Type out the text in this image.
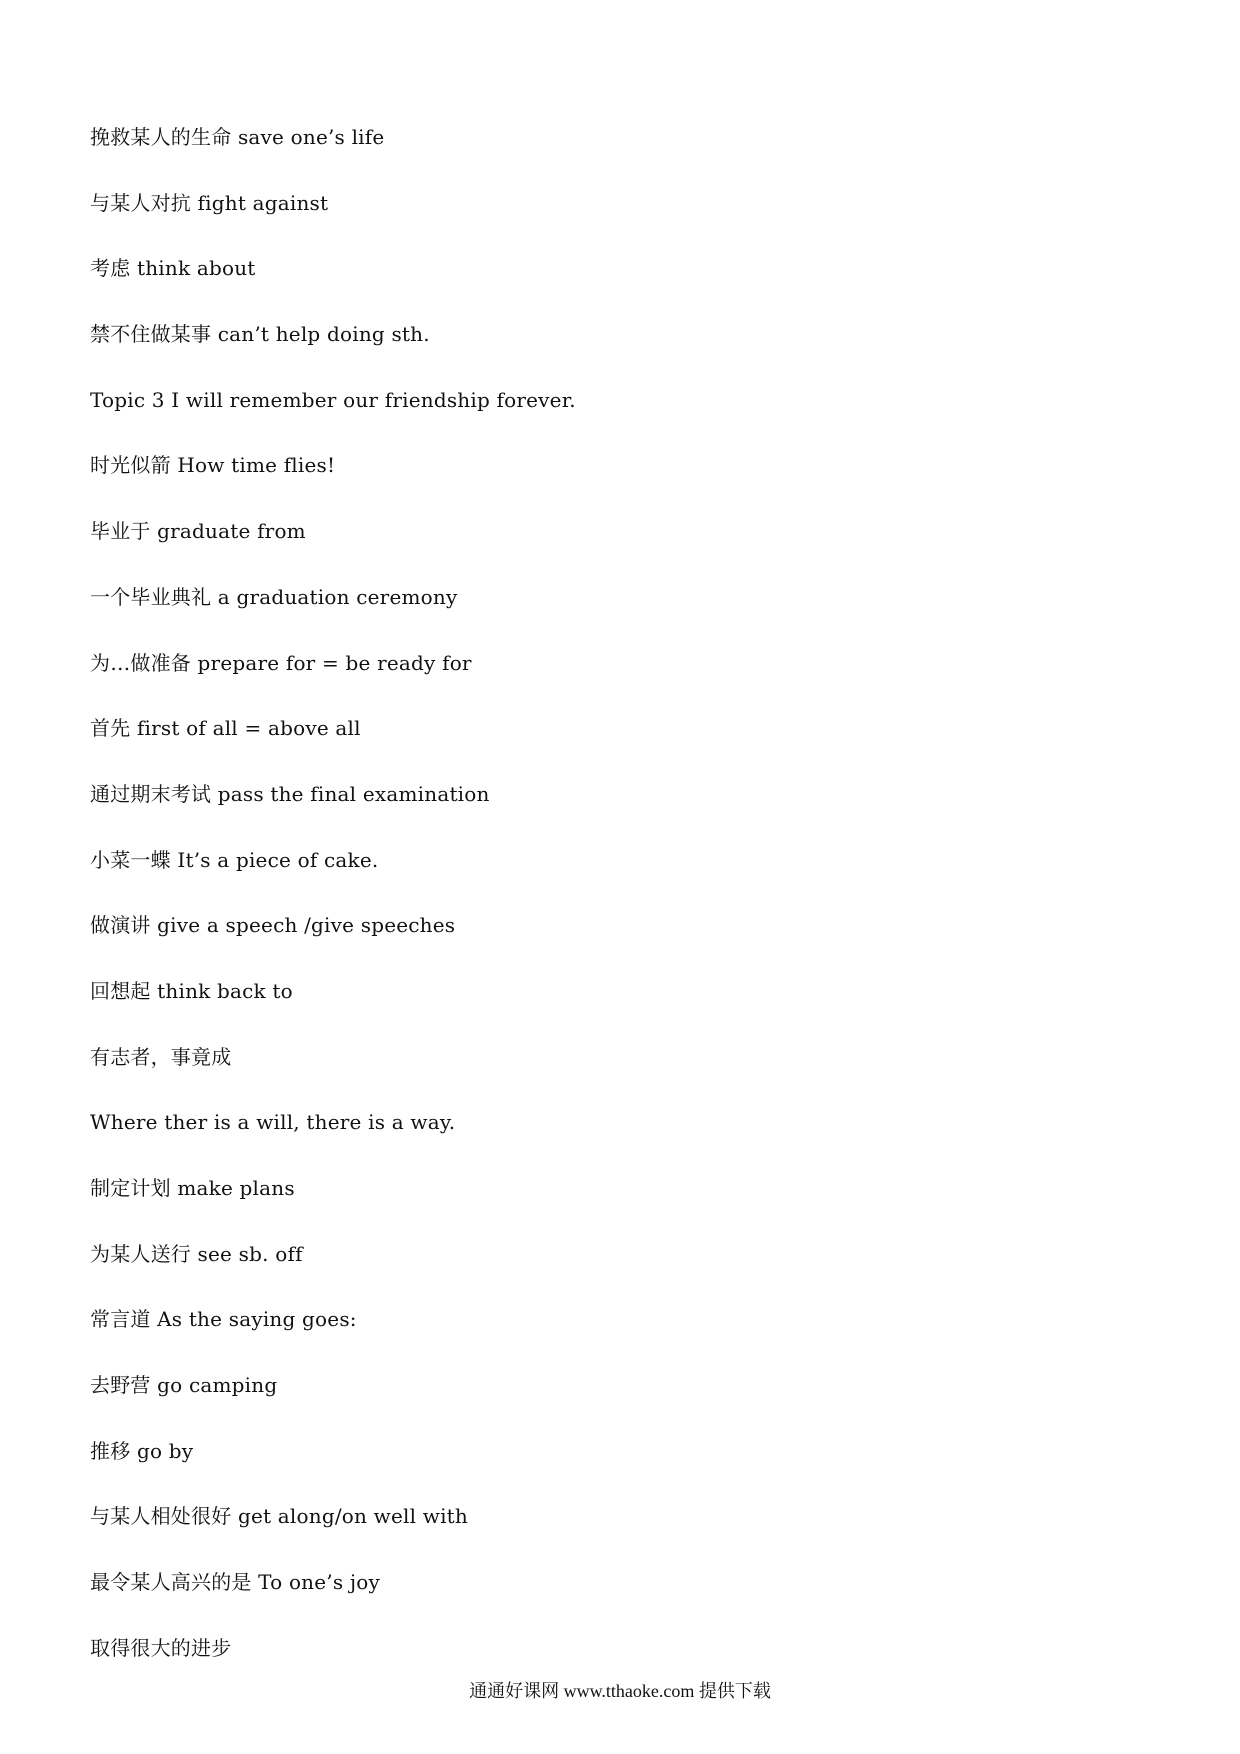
挽救某人的生命 save one’s life
与某人对抗 fight against
考虑 think about
禁不住做某事 can’t help doing sth.
Topic 3 I will remember our friendship forever.
时光似箭 How time flies!
毕业于 graduate from
一个毕业典礼 a graduation ceremony
为…做准备 prepare for = be ready for
首先 first of all = above all
通过期末考试 pass the final examination
小菜一蝶 It’s a piece of cake.
做演讲 give a speech /give speeches
回想起 think back to
有志者，事竟成
Where ther is a will, there is a way.
制定计划 make plans
为某人送行 see sb. off
常言道 As the saying goes:
去野营 go camping
推移 go by
与某人相处很好 get along/on well with
最令某人高兴的是 To one’s joy
取得很大的进步
通通好课网 www.tthaoke.com 提供下载
